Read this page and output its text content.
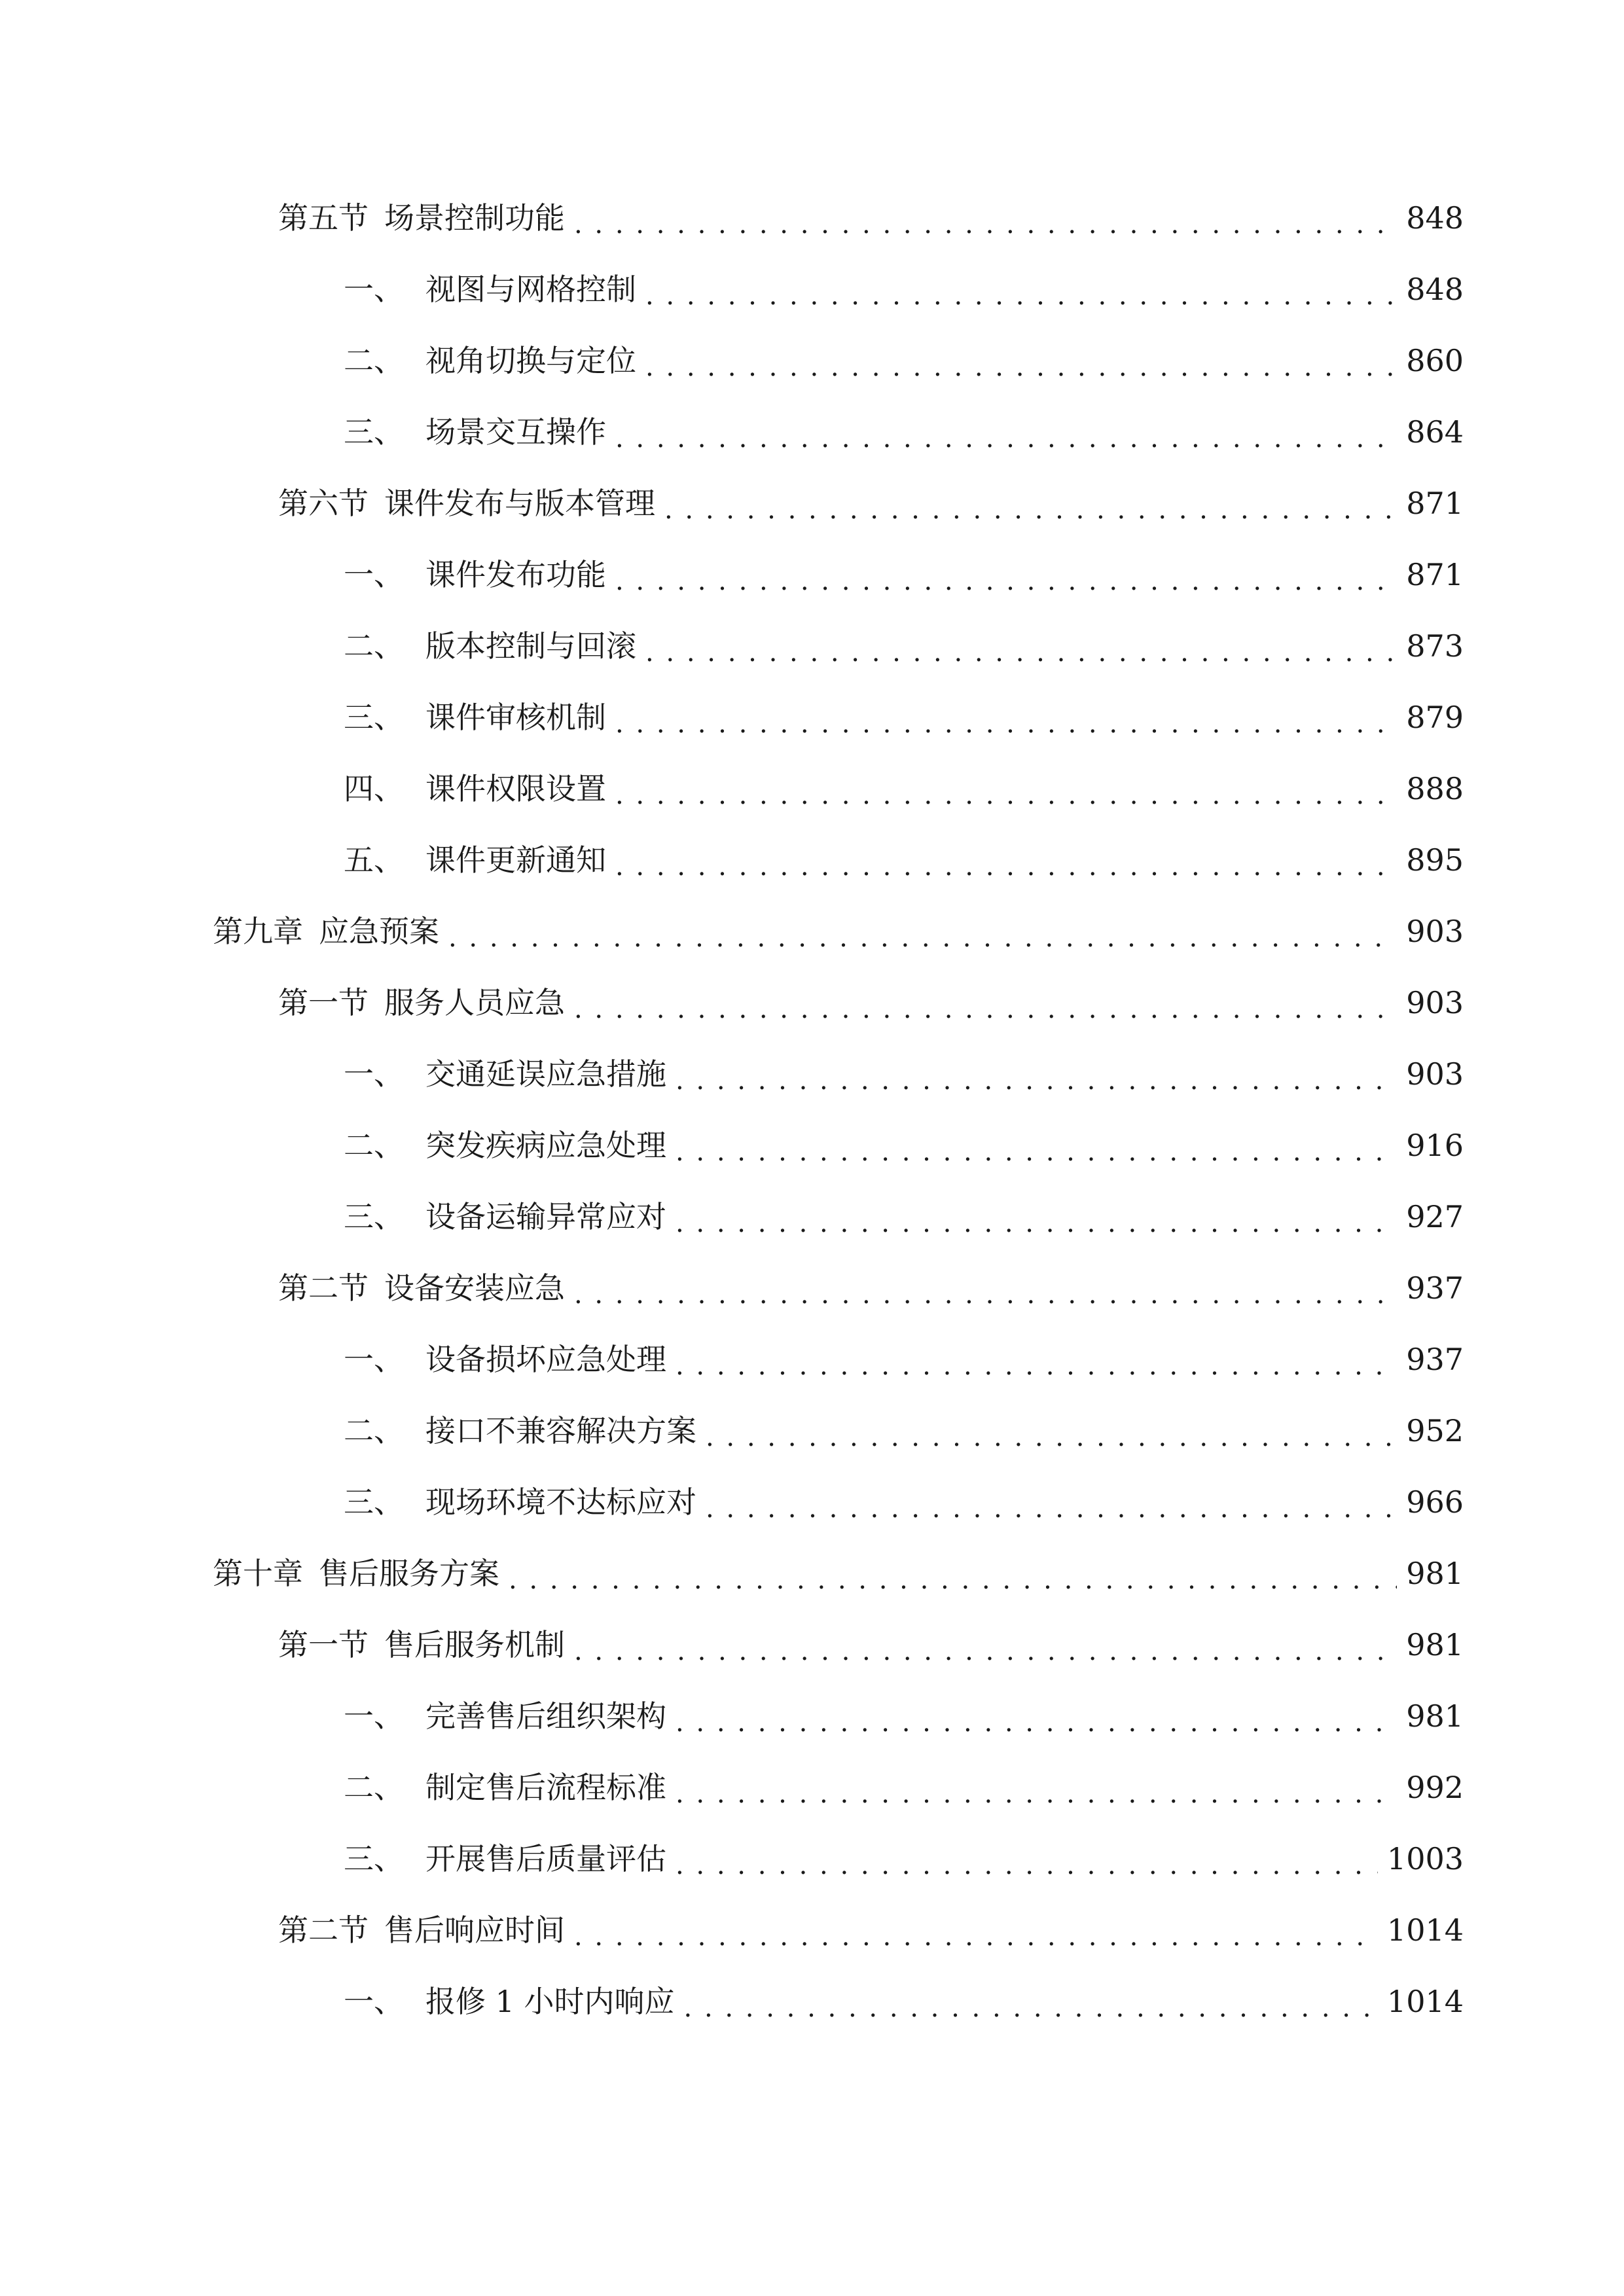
第五节 场景控制功能 . . .	848
一、 视图与网格控制 . . .	848
二、 视角切换与定位 . . .	860
三、 场景交互操作 . . .	864
第六节 课件发布与版本管理 . . .	871
一、 课件发布功能 . . .	871
二、 版本控制与回滚 . . .	873
三、 课件审核机制 . . .	879
四、 课件权限设置 . . .	888
五、 课件更新通知 . . .	895
第九章 应急预案 . . .	903
第一节 服务人员应急 . . .	903
一、 交通延误应急措施 . . .	903
二、 突发疾病应急处理 . . .	916
三、 设备运输异常应对 . . .	927
第二节 设备安装应急 . . .	937
一、 设备损坏应急处理 . . .	937
二、 接口不兼容解决方案 . . .	952
三、 现场环境不达标应对 . . .	966
第十章 售后服务方案 . . .	981
第一节 售后服务机制 . . .	981
一、 完善售后组织架构 . . .	981
二、 制定售后流程标准 . . .	992
三、 开展售后质量评估 . . .	1003
第二节 售后响应时间 . . .	1014
一、 报修 1 小时内响应 . . .	1014
